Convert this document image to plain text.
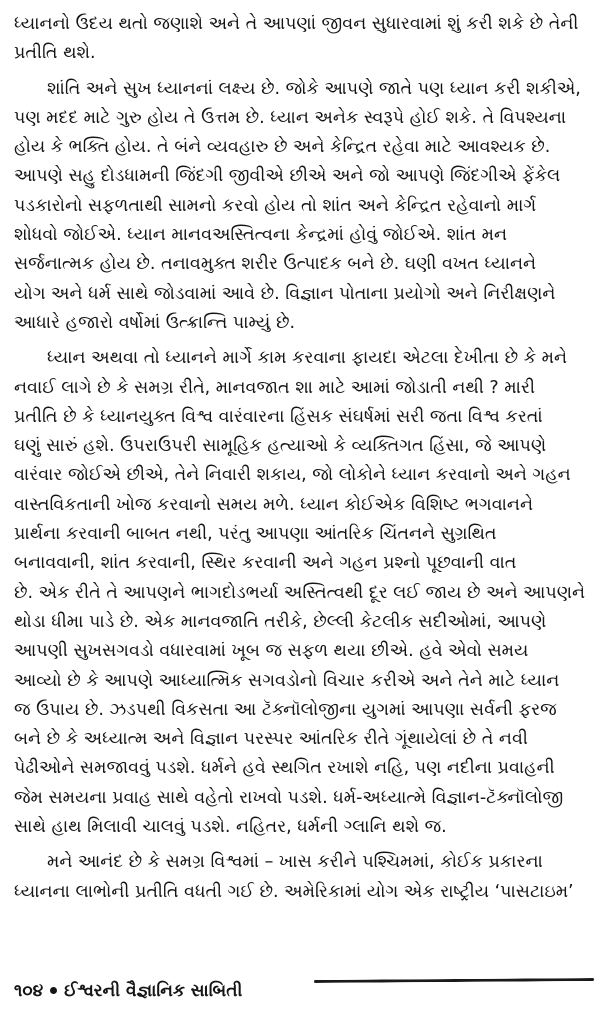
ધ્યાનનો ઉદય થતો જણાશે અને તે આપણાં જીવન સુધારવામાં શું કરી શકે છે તેની
પ્રતીતિ થશે.
શાંતિ અને સુખ ધ્યાનનાં લક્ષ્ય છે. જોકે આપણે જાતે પણ ધ્યાન કરી શકીએ,
પણ મદદ માટે ગુરુ હોય તે ઉત્તમ છે. ધ્યાન અનેક સ્વરૂપે હોઈ શકે. તે વિપશ્યના
હોય કે ભક્તિ હોય. તે બંને વ્યવહારુ છે અને કેન્દ્રિત રહેવા માટે આવશ્યક છે.
આપણે સહુ દોડધામની જિંદગી જીવીએ છીએ અને જો આપણે જિંદગીએ ફેંકેલ
પડકારોનો સફળતાથી સામનો કરવો હોય તો શાંત અને કેન્દ્રિત રહેવાનો માર્ગ
શોધવો જોઈએ. ધ્યાન માનવઅસ્તિત્વના કેન્દ્રમાં હોવું જોઈએ. શાંત મન
સર્જનાત્મક હોય છે. તનાવમુક્ત શરીર ઉત્પાદક બને છે. ઘણી વખત ધ્યાનને
યોગ અને ધર્મ સાથે જોડવામાં આવે છે. વિજ્ઞાન પોતાના પ્રયોગો અને નિરીક્ષણને
આધારે હજારો વર્ષોમાં ઉત્ક્રાન્તિ પામ્યું છે.
ધ્યાન અથવા તો ધ્યાનને માર્ગે કામ કરવાના ફાયદા એટલા દેખીતા છે કે મને
નવાઈ લાગે છે કે સમગ્ર રીતે, માનવજાત શા માટે આમાં જોડાતી નથી ? મારી
પ્રતીતિ છે કે ધ્યાનયુક્ત વિશ્વ વારંવારના હિંસક સંઘર્ષમાં સરી જતા વિશ્વ કરતાં
ઘણું સારું હશે. ઉપરાઉપરી સામૂહિક હત્યાઓ કે વ્યક્તિગત હિંસા, જે આપણે
વારંવાર જોઈએ છીએ, તેને નિવારી શકાય, જો લોકોને ધ્યાન કરવાનો અને ગહન
વાસ્તવિકતાની ખોજ કરવાનો સમય મળે. ધ્યાન કોઈએક વિશિષ્ટ ભગવાનને
પ્રાર્થના કરવાની બાબત નથી, પરંતુ આપણા આંતરિક ચિંતનને સુગ્રથિત
બનાવવાની, શાંત કરવાની, સ્થિર કરવાની અને ગહન પ્રશ્નો પૂછવાની વાત
છે. એક રીતે તે આપણને ભાગદોડભર્યા અસ્તિત્વથી દૂર લઈ જાય છે અને આપણને
થોડા ધીમા પાડે છે. એક માનવજાતિ તરીકે, છેલ્લી કેટલીક સદીઓમાં, આપણે
આપણી સુખસગવડો વધારવામાં ખૂબ જ સફળ થયા છીએ. હવે એવો સમય
આવ્યો છે કે આપણે આધ્યાત્મિક સગવડોનો વિચાર કરીએ અને તેને માટે ધ્યાન
જ ઉપાય છે. ઝડપથી વિકસતા આ ટૅક્નૉલોજીના યુગમાં આપણા સર્વની ફરજ
બને છે કે અધ્યાત્મ અને વિજ્ઞાન પરસ્પર આંતરિક રીતે ગૂંથાયેલાં છે તે નવી
પેઢીઓને સમજાવવું પડશે. ધર્મને હવે સ્થગિત રખાશે નહિ, પણ નદીના પ્રવાહની
જેમ સમયના પ્રવાહ સાથે વહેતો રાખવો પડશે. ધર્મ-અધ્યાત્મે વિજ્ઞાન-ટૅક્નૉલોજી
સાથે હાથ મિલાવી ચાલવું પડશે. નહિતર, ધર્મની ગ્લાનિ થશે જ.
મને આનંદ છે કે સમગ્ર વિશ્વમાં – ખાસ કરીને પશ્ચિમમાં, કોઈક પ્રકારના
ધ્યાનના લાભોની પ્રતીતિ વધતી ગઈ છે. અમેરિકામાં યોગ એક રાષ્ટ્રીય ‘પાસટાઇમ’
૧૦૪ ઈશ્વરની વૈજ્ઞાનિક સાબિતી
